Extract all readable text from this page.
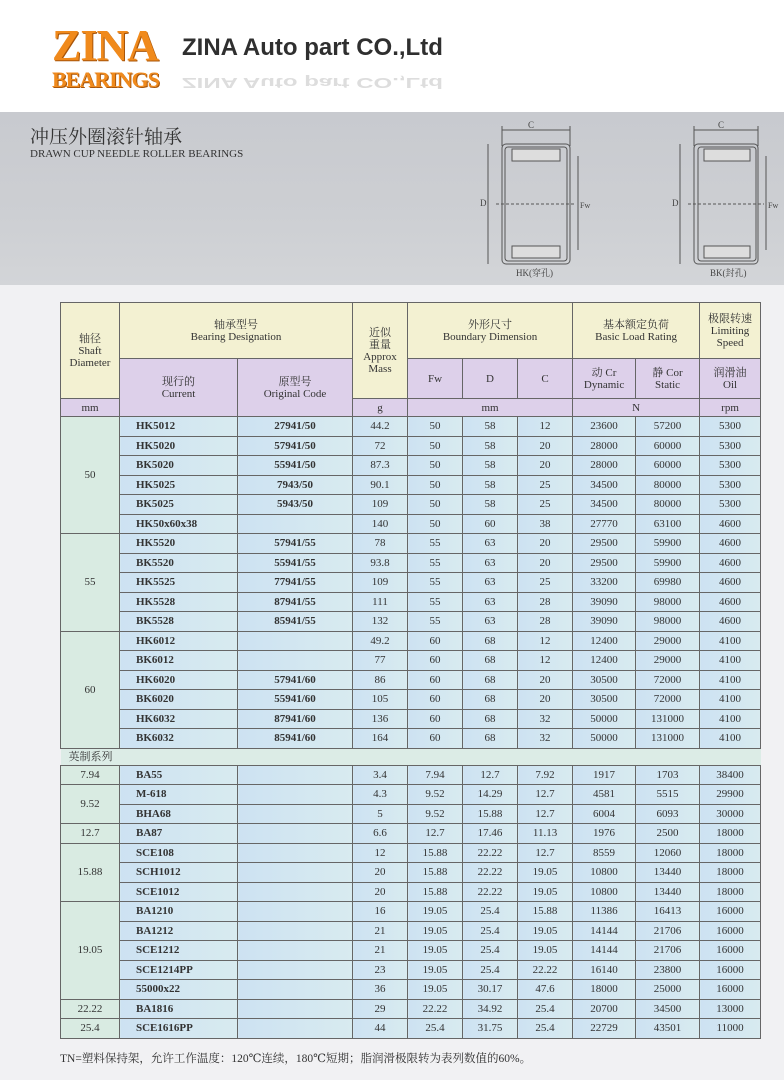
ZINA
BEARINGS
ZINA Auto part CO.,Ltd
ZINA Auto part CO.,Ltd
冲压外圈滚针轴承
DRAWN CUP NEEDLE ROLLER BEARINGS
C
D	Fw
HK(穿孔)
C
D	Fw
BK(封孔)
轴径
Shaft
Diameter	轴承型号
Bearing Designation		近似
重量
Approx
Mass	外形尺寸
Boundary Dimension			基本额定负荷
Basic Load Rating		极限转速
Limiting
Speed
	现行的
Current	原型号
Original Code		Fw	D	C	动 Cr
Dynamic	静 Cor
Static	润滑油
Oil
mm			g	mm			N		rpm
50	HK5012	27941/50	44.2	50	58	12	23600	57200	5300
	HK5020	57941/50	72	50	58	20	28000	60000	5300
	BK5020	55941/50	87.3	50	58	20	28000	60000	5300
	HK5025	7943/50	90.1	50	58	25	34500	80000	5300
	BK5025	5943/50	109	50	58	25	34500	80000	5300
	HK50x60x38		140	50	60	38	27770	63100	4600
55	HK5520	57941/55	78	55	63	20	29500	59900	4600
	BK5520	55941/55	93.8	55	63	20	29500	59900	4600
	HK5525	77941/55	109	55	63	25	33200	69980	4600
	HK5528	87941/55	111	55	63	28	39090	98000	4600
	BK5528	85941/55	132	55	63	28	39090	98000	4600
60	HK6012		49.2	60	68	12	12400	29000	4100
	BK6012		77	60	68	12	12400	29000	4100
	HK6020	57941/60	86	60	68	20	30500	72000	4100
	BK6020	55941/60	105	60	68	20	30500	72000	4100
	HK6032	87941/60	136	60	68	32	50000	131000	4100
	BK6032	85941/60	164	60	68	32	50000	131000	4100
英制系列									
7.94	BA55		3.4	7.94	12.7	7.92	1917	1703	38400
9.52	M-618		4.3	9.52	14.29	12.7	4581	5515	29900
	BHA68		5	9.52	15.88	12.7	6004	6093	30000
12.7	BA87		6.6	12.7	17.46	11.13	1976	2500	18000
15.88	SCE108		12	15.88	22.22	12.7	8559	12060	18000
	SCH1012		20	15.88	22.22	19.05	10800	13440	18000
	SCE1012		20	15.88	22.22	19.05	10800	13440	18000
19.05	BA1210		16	19.05	25.4	15.88	11386	16413	16000
	BA1212		21	19.05	25.4	19.05	14144	21706	16000
	SCE1212		21	19.05	25.4	19.05	14144	21706	16000
	SCE1214PP		23	19.05	25.4	22.22	16140	23800	16000
	55000x22		36	19.05	30.17	47.6	18000	25000	16000
22.22	BA1816		29	22.22	34.92	25.4	20700	34500	13000
25.4	SCE1616PP		44	25.4	31.75	25.4	22729	43501	11000
TN=塑料保持架，允许工作温度：120℃连续，180℃短期；脂润滑极限转为表列数值的60%。
